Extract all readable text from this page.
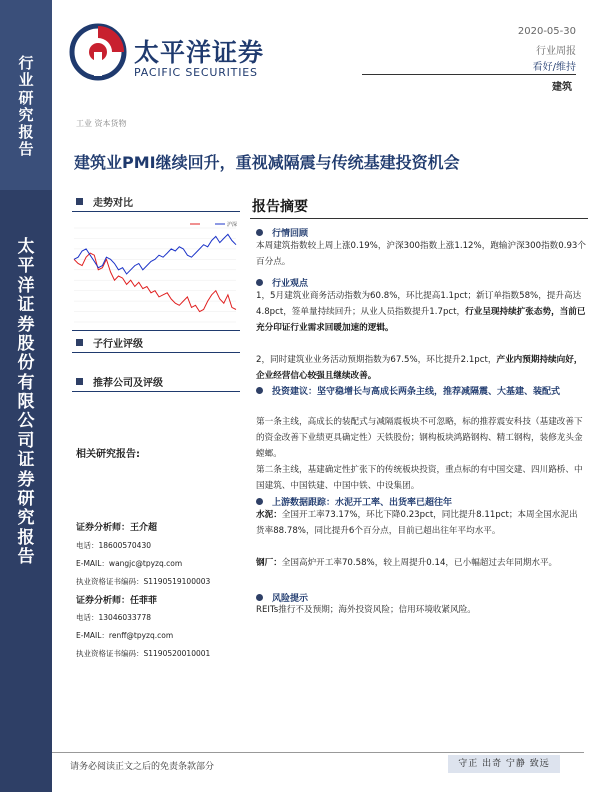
行
业
研
究
报
告
太
平
洋
证
券
股
份
有
限
公
司
证
券
研
究
报
告
太平洋证券
PACIFIC SECURITIES
2020-05-30
行业周报
看好/维持
建筑
工业 资本货物
建筑业PMI继续回升，重视减隔震与传统基建投资机会
走势对比
沪深
子行业评级
推荐公司及评级
相关研究报告:
证券分析师：王介超
电话：18600570430
E-MAIL：wangjc@tpyzq.com
执业资格证书编码：S1190519100003
证券分析师：任菲菲
电话：13046033778
E-MAIL：renff@tpyzq.com
执业资格证书编码：S1190520010001
报告摘要
行情回顾
本周建筑指数较上周上涨0.19%，沪深300指数上涨1.12%，跑输沪深300指数0.93个百分点。
行业观点
1，5月建筑业商务活动指数为60.8%，环比提高1.1pct；新订单指数58%，提升高达4.8pct，签单量持续回升；从业人员指数提升1.7pct，行业呈现持续扩张态势，当前已充分印证行业需求回暖加速的逻辑。
2，同时建筑业业务活动预期指数为67.5%，环比提升2.1pct，产业内预期持续向好，企业经营信心较强且继续改善。
投资建议：坚守稳增长与高成长两条主线，推荐减隔震、大基建、装配式
第一条主线，高成长的装配式与减隔震板块不可忽略，标的推荐震安科技（基建改善下的资金改善下业绩更具确定性）天铁股份；钢构板块鸿路钢构、精工钢构，装修龙头金螳螂。
第二条主线，基建确定性扩张下的传统板块投资，重点标的有中国交建、四川路桥、中国建筑、中国铁建、中国中铁、中设集团。
上游数据跟踪：水泥开工率、出货率已超往年
水泥：全国开工率73.17%，环比下降0.23pct，同比提升8.11pct；本周全国水泥出货率88.78%，同比提升6个百分点，目前已超出往年平均水平。
钢厂：全国高炉开工率70.58%，较上周提升0.14，已小幅超过去年同期水平。
风险提示
REITs推行不及预期；海外投资风险；信用环境收紧风险。
请务必阅读正文之后的免责条款部分	守正 出奇 宁静 致远
